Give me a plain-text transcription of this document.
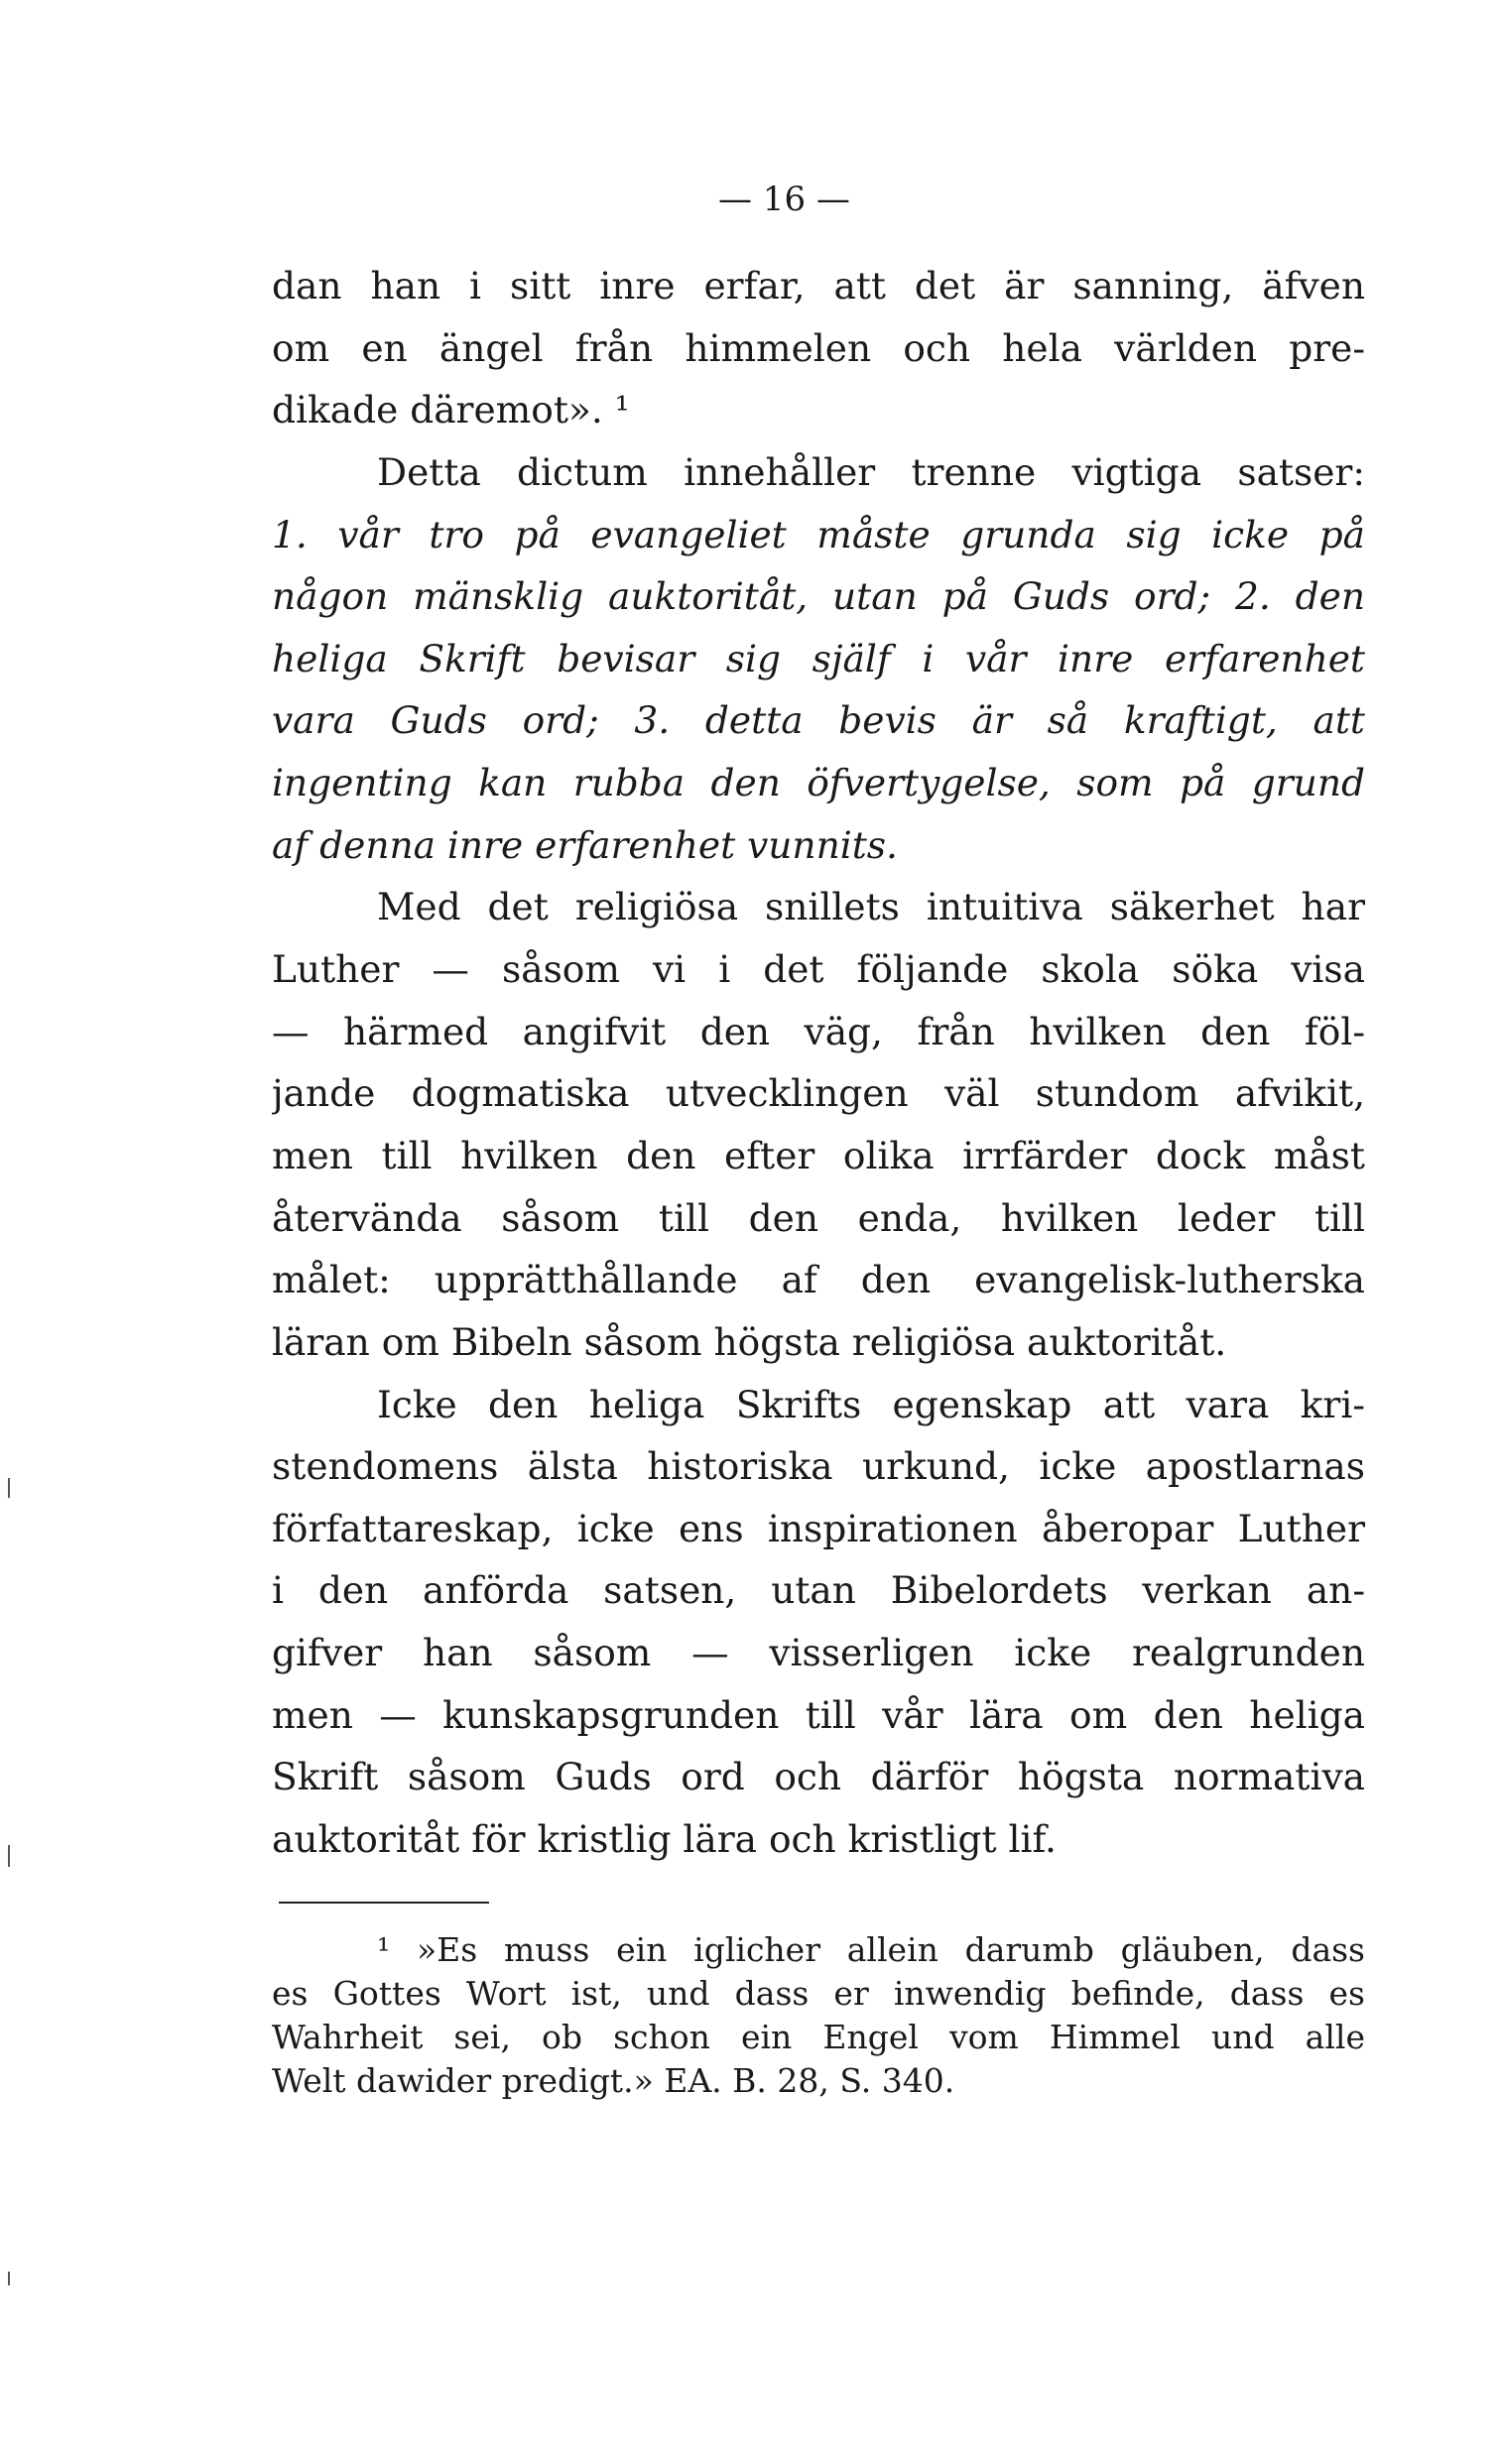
— 16 —
dan han i sitt inre erfar, att det är sanning, äfven
om en ängel från himmelen och hela världen pre-
dikade däremot». ¹
Detta dictum innehåller trenne vigtiga satser:
1. vår tro på evangeliet måste grunda sig icke på
någon mänsklig auktoritåt, utan på Guds ord; 2. den
heliga Skrift bevisar sig själf i vår inre erfarenhet
vara Guds ord; 3. detta bevis är så kraftigt, att
ingenting kan rubba den öfvertygelse, som på grund
af denna inre erfarenhet vunnits.
Med det religiösa snillets intuitiva säkerhet har
Luther — såsom vi i det följande skola söka visa
— härmed angifvit den väg, från hvilken den föl-
jande dogmatiska utvecklingen väl stundom afvikit,
men till hvilken den efter olika irrfärder dock måst
återvända såsom till den enda, hvilken leder till
målet: upprätthållande af den evangelisk-lutherska
läran om Bibeln såsom högsta religiösa auktoritåt.
Icke den heliga Skrifts egenskap att vara kri-
stendomens älsta historiska urkund, icke apostlarnas
författareskap, icke ens inspirationen åberopar Luther
i den anförda satsen, utan Bibelordets verkan an-
gifver han såsom — visserligen icke realgrunden
men — kunskapsgrunden till vår lära om den heliga
Skrift såsom Guds ord och därför högsta normativa
auktoritåt för kristlig lära och kristligt lif.
¹ »Es muss ein iglicher allein darumb gläuben, dass
es Gottes Wort ist, und dass er inwendig befinde, dass es
Wahrheit sei, ob schon ein Engel vom Himmel und alle
Welt dawider predigt.» EA. B. 28, S. 340.
